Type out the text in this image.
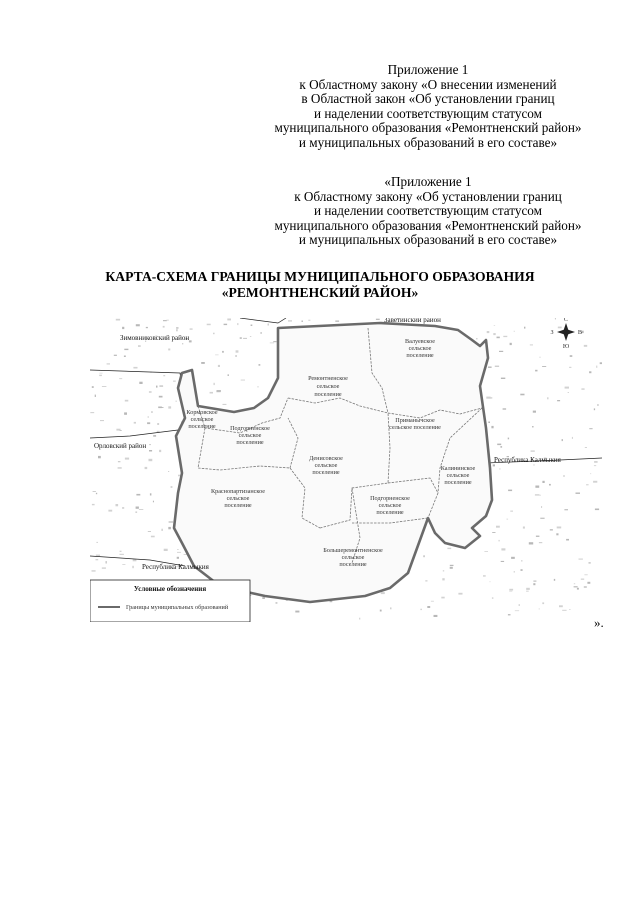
Приложение 1
к Областному закону «О внесении изменений
в Областной закон «Об установлении границ
и наделении соответствующим статусом
муниципального образования «Ремонтненский район»
и муниципальных образований в его составе»
«Приложение 1
к Областному закону «Об установлении границ
и наделении соответствующим статусом
муниципального образования «Ремонтненский район»
и муниципальных образований в его составе»
КАРТА-СХЕМА ГРАНИЦЫ МУНИЦИПАЛЬНОГО ОБРАЗОВАНИЯ
«РЕМОНТНЕНСКИЙ РАЙОН»
Валуевское сельское поселение
Ремонтненское сельское поселение
Кормовское сельское поселение	Подгорненское сельское поселение
Приманычское сельское поселение
Денисовское сельское поселение
Калининское сельское поселение
Краснопартизанское сельское поселение
Подгорненское сельское поселение
Большеремонтненское сельское поселение
Заветинский район
Зимовниковский район
Орловский район
Республика Калмыкия
Республика Калмыкия
С
Ю
З	В
Условные обозначения
Границы муниципальных образований
».
